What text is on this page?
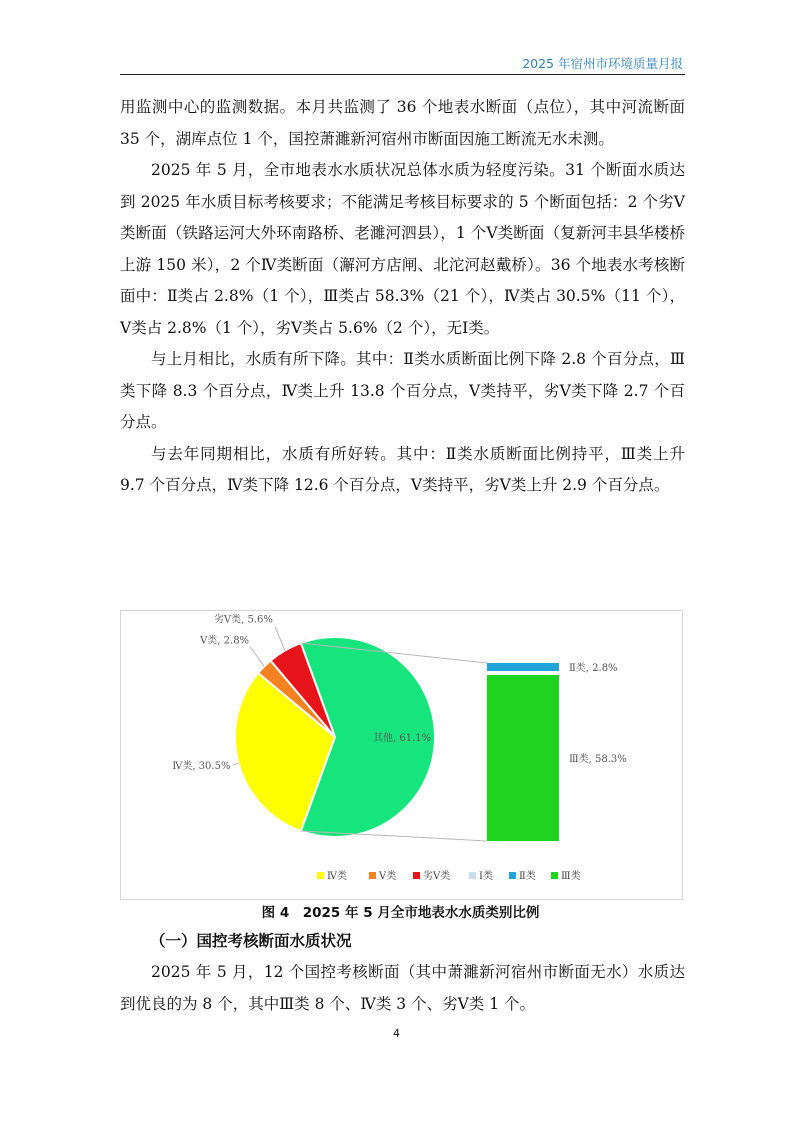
2025 年宿州市环境质量月报

用监测中心的监测数据。本月共监测了 36 个地表水断面（点位），其中河流断面 35 个，湖库点位 1 个，国控萧濉新河宿州市断面因施工断流无水未测。

2025 年 5 月，全市地表水水质状况总体水质为轻度污染。31 个断面水质达到 2025 年水质目标考核要求；不能满足考核目标要求的 5 个断面包括：2 个劣Ⅴ类断面（铁路运河大外环南路桥、老濉河泗县），1 个Ⅴ类断面（复新河丰县华楼桥上游 150 米），2 个Ⅳ类断面（澥河方店闸、北沱河赵戴桥）。36 个地表水考核断面中：Ⅱ类占 2.8%（1 个），Ⅲ类占 58.3%（21 个），Ⅳ类占 30.5%（11 个），Ⅴ类占 2.8%（1 个），劣Ⅴ类占 5.6%（2 个），无Ⅰ类。

与上月相比，水质有所下降。其中：Ⅱ类水质断面比例下降 2.8 个百分点，Ⅲ类下降 8.3 个百分点，Ⅳ类上升 13.8 个百分点，Ⅴ类持平，劣Ⅴ类下降 2.7 个百分点。

与去年同期相比，水质有所好转。其中：Ⅱ类水质断面比例持平，Ⅲ类上升 9.7 个百分点，Ⅳ类下降 12.6 个百分点，Ⅴ类持平，劣Ⅴ类上升 2.9 个百分点。

其他, 61.1%
Ⅳ类, 30.5%
Ⅴ类, 2.8%
劣Ⅴ类, 5.6%
Ⅱ类, 2.8%
Ⅲ类, 58.3%
Ⅳ类	Ⅴ类	劣Ⅴ类	Ⅰ类	Ⅱ类	Ⅲ类
图 4　2025 年 5 月全市地表水水质类别比例
（一）国控考核断面水质状况

2025 年 5 月，12 个国控考核断面（其中萧濉新河宿州市断面无水）水质达到优良的为 8 个，其中Ⅲ类 8 个、Ⅳ类 3 个、劣Ⅴ类 1 个。

4
